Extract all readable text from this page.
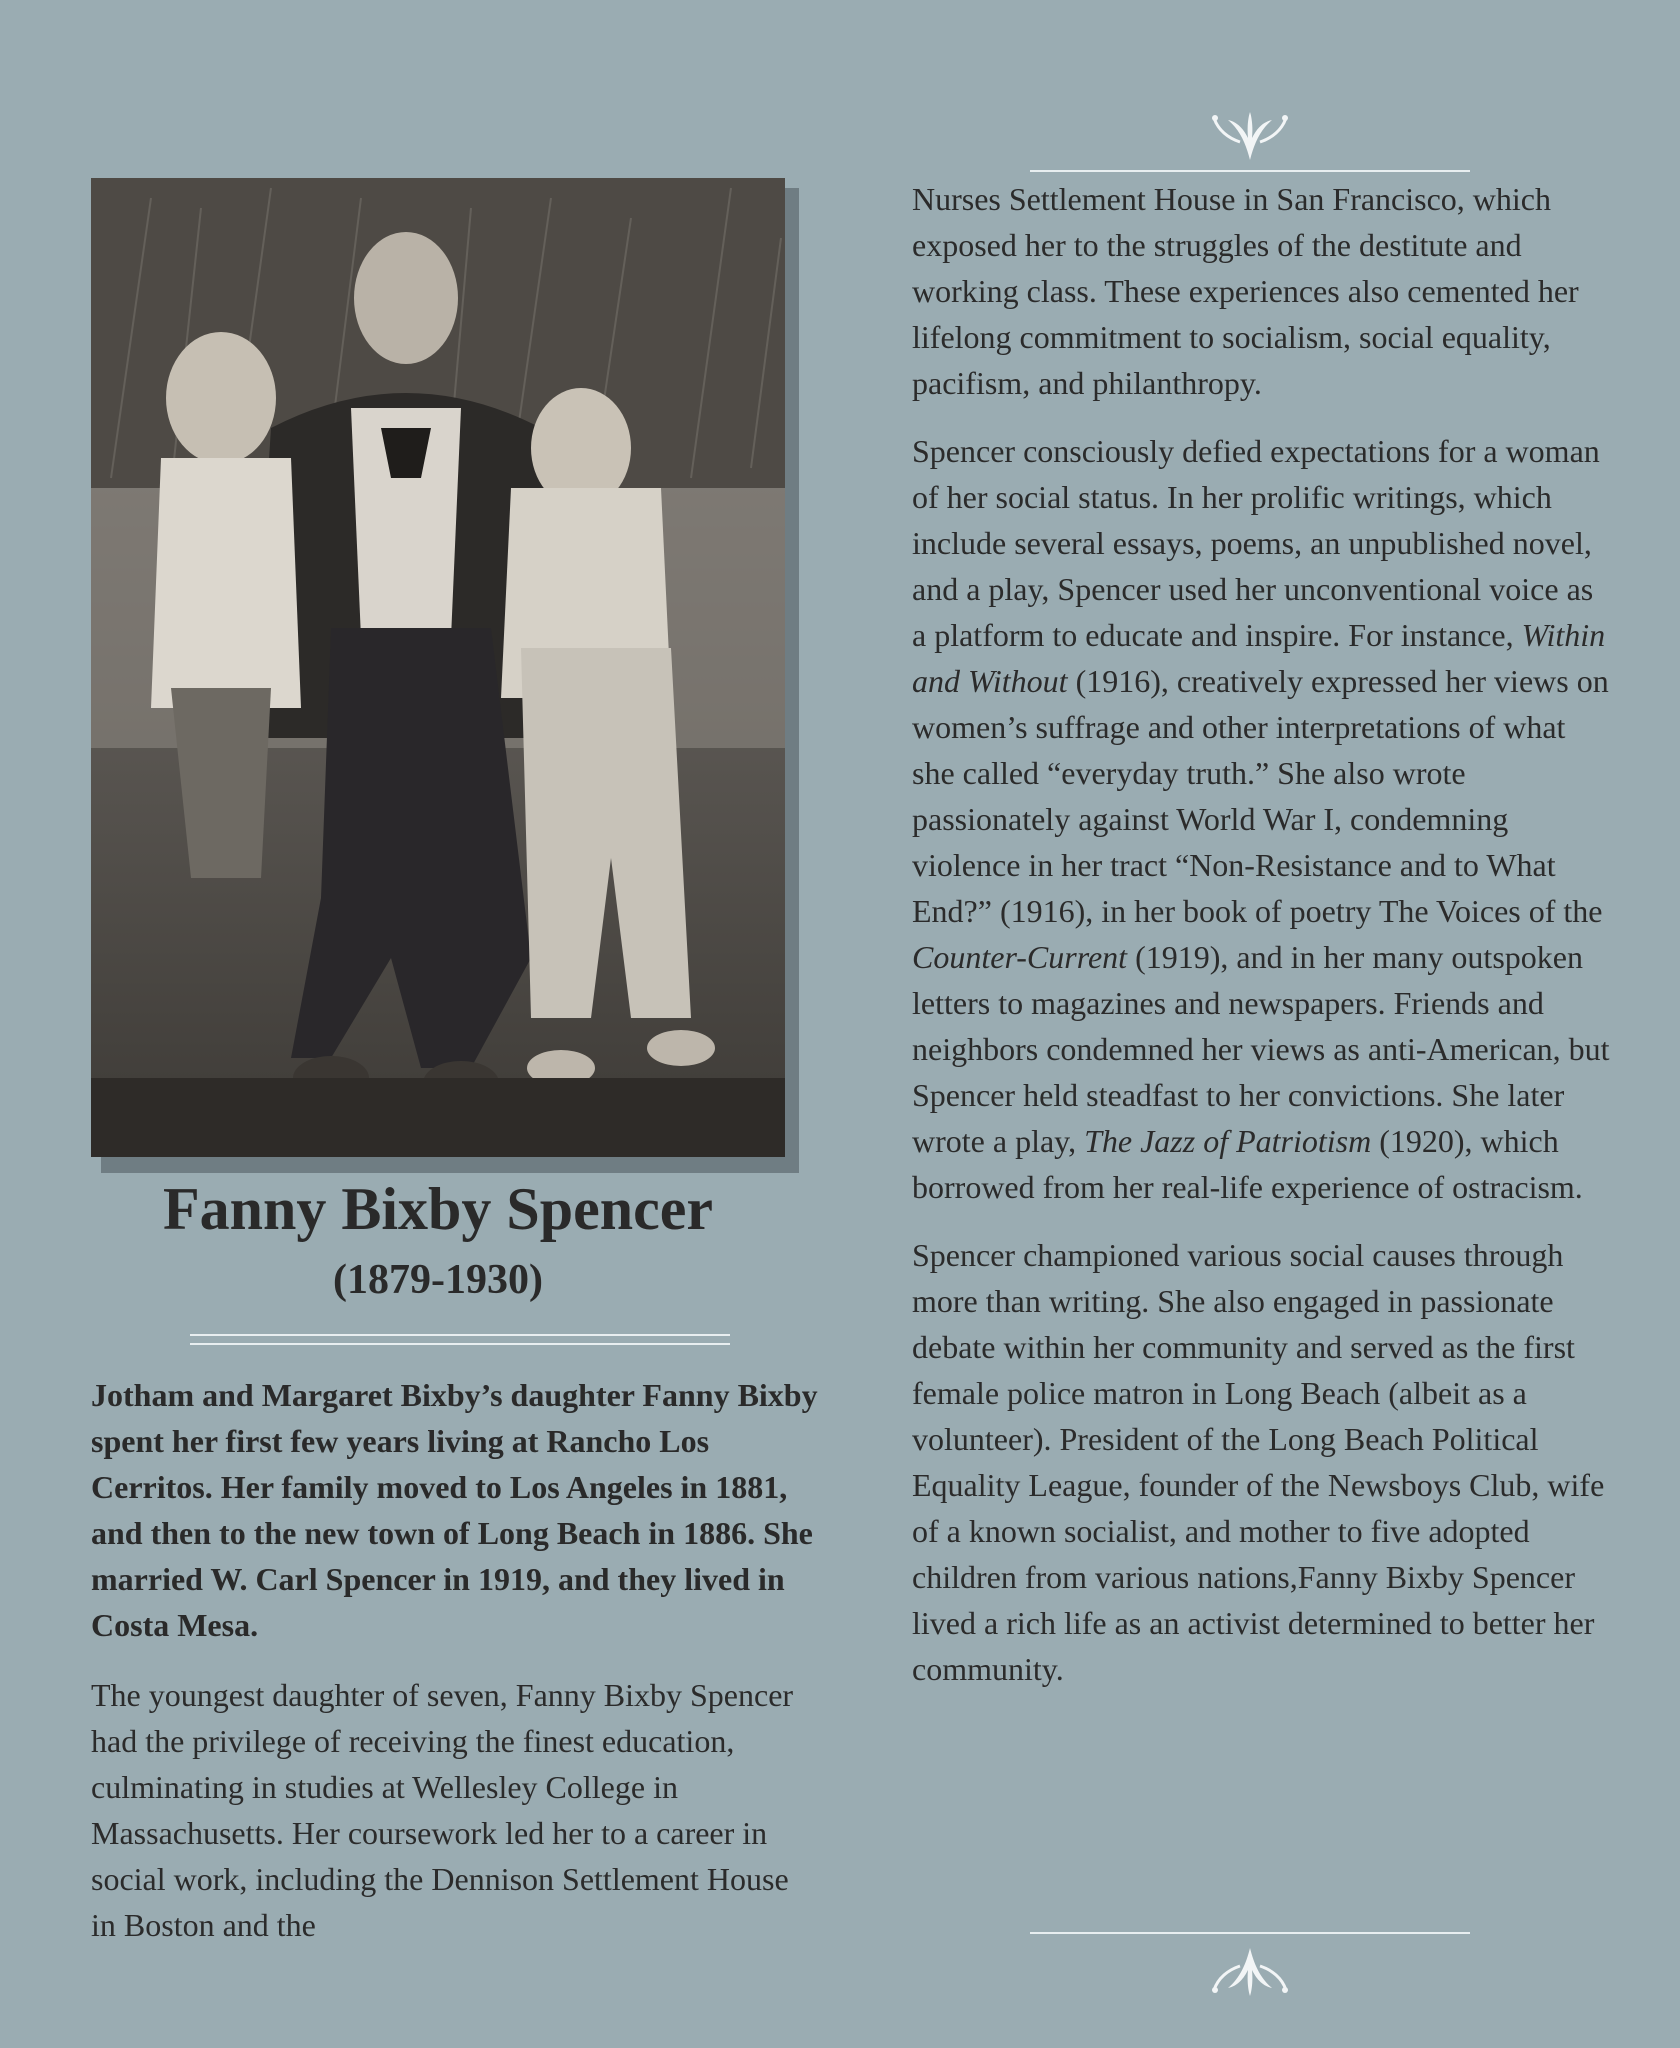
Fanny Bixby Spencer
(1879-1930)

Jotham and Margaret Bixby’s daughter Fanny Bixby spent her first few years living at Rancho Los Cerritos. Her family moved to Los Angeles in 1881, and then to the new town of Long Beach in 1886. She married W. Carl Spencer in 1919, and they lived in Costa Mesa.

The youngest daughter of seven, Fanny Bixby Spencer had the privilege of receiving the finest education, culminating in studies at Wellesley College in Massachusetts. Her coursework led her to a career in social work, including the Dennison Settlement House in Boston and the

Nurses Settlement House in San Francisco, which exposed her to the struggles of the destitute and working class. These experiences also cemented her lifelong commitment to socialism, social equality, pacifism, and philanthropy.

Spencer consciously defied expectations for a woman of her social status. In her prolific writings, which include several essays, poems, an unpublished novel, and a play, Spencer used her unconventional voice as a platform to educate and inspire. For instance, Within and Without (1916), creatively expressed her views on women’s suffrage and other interpretations of what she called “everyday truth.” She also wrote passionately against World War I, condemning violence in her tract “Non-Resistance and to What End?” (1916), in her book of poetry The Voices of the Counter-Current (1919), and in her many outspoken letters to magazines and newspapers. Friends and neighbors condemned her views as anti-American, but Spencer held steadfast to her convictions. She later wrote a play, The Jazz of Patriotism (1920), which borrowed from her real-life experience of ostracism.

Spencer championed various social causes through more than writing. She also engaged in passionate debate within her community and served as the first female police matron in Long Beach (albeit as a volunteer). President of the Long Beach Political Equality League, founder of the Newsboys Club, wife of a known socialist, and mother to five adopted children from various nations,Fanny Bixby Spencer lived a rich life as an activist determined to better her community.
